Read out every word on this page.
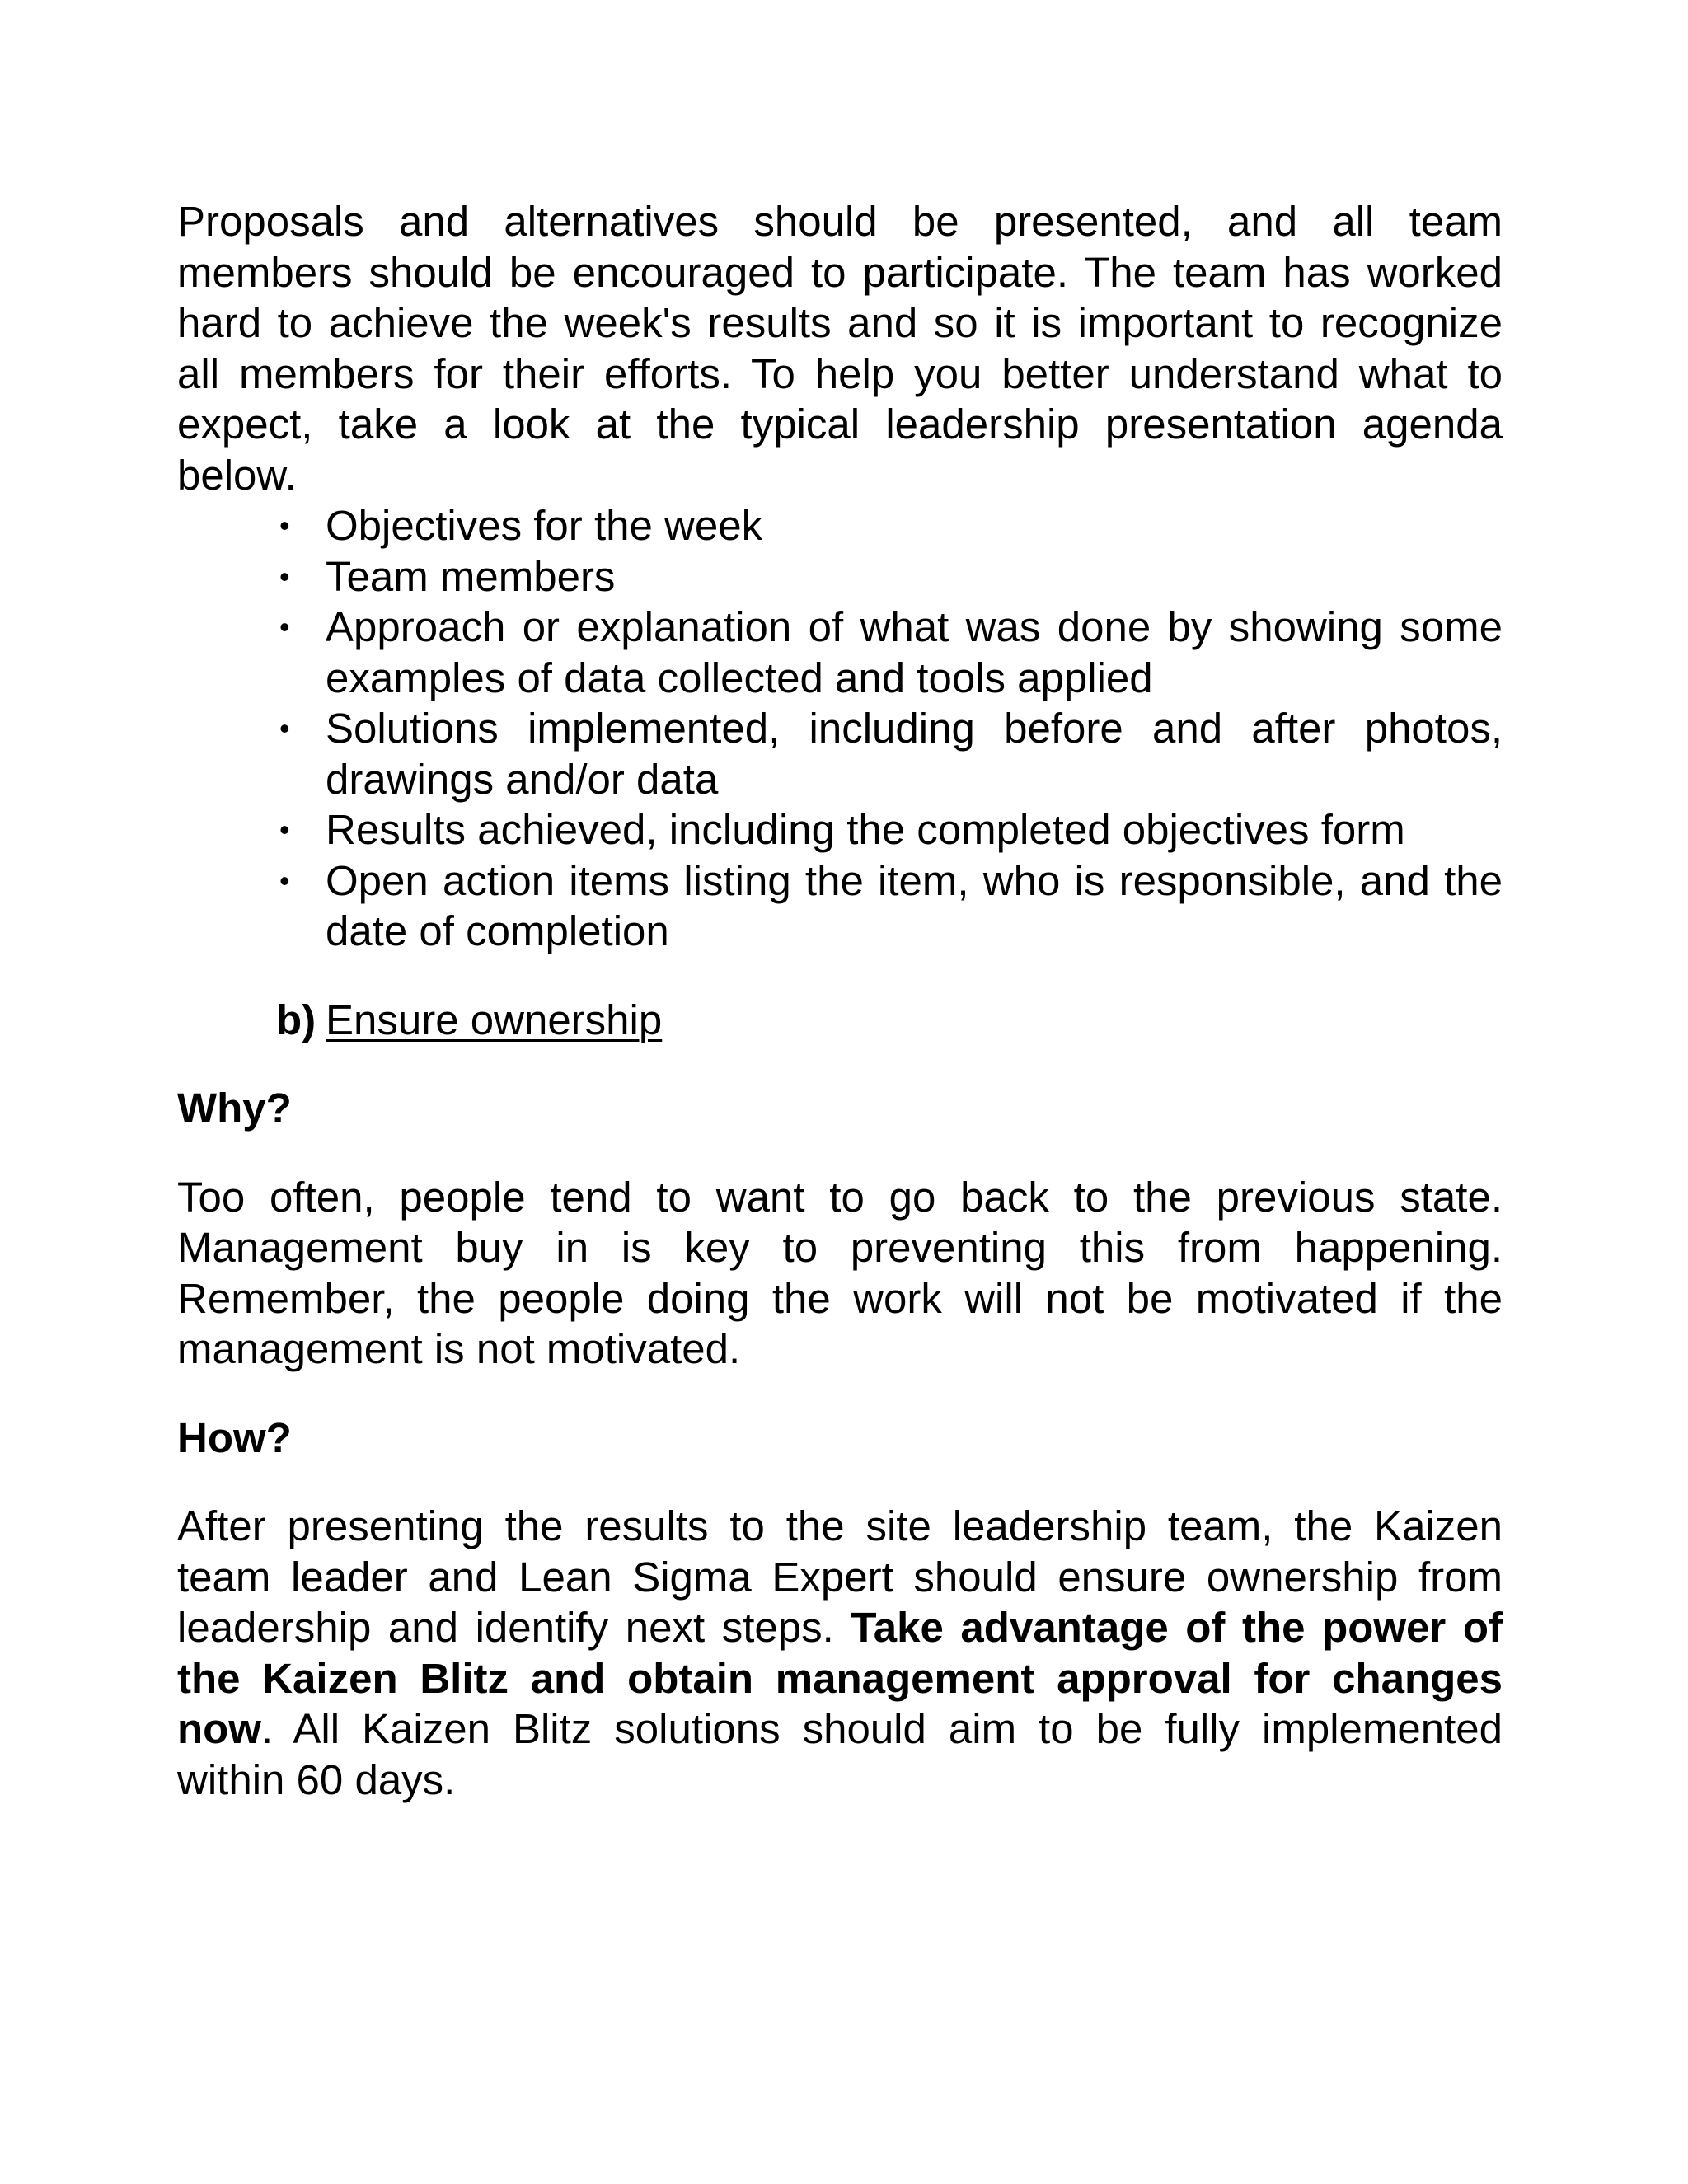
Proposals and alternatives should be presented, and all team members should be encouraged to participate. The team has worked hard to achieve the week's results and so it is important to recognize all members for their efforts. To help you better understand what to expect, take a look at the typical leadership presentation agenda below.

• Objectives for the week
• Team members
• Approach or explanation of what was done by showing some examples of data collected and tools applied
• Solutions implemented, including before and after photos, drawings and/or data
• Results achieved, including the completed objectives form
• Open action items listing the item, who is responsible, and the date of completion
b) Ensure ownership
Why?

Too often, people tend to want to go back to the previous state. Management buy in is key to preventing this from happening. Remember, the people doing the work will not be motivated if the management is not motivated.

How?

After presenting the results to the site leadership team, the Kaizen team leader and Lean Sigma Expert should ensure ownership from leadership and identify next steps. Take advantage of the power of the Kaizen Blitz and obtain management approval for changes now. All Kaizen Blitz solutions should aim to be fully implemented within 60 days.
